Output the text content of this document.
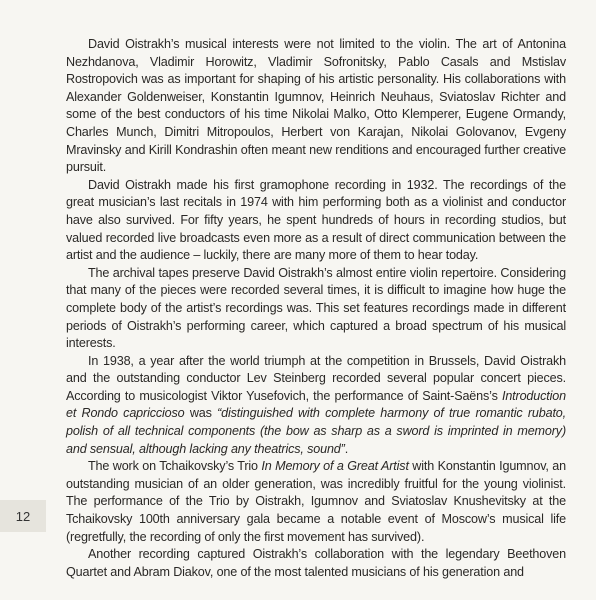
David Oistrakh’s musical interests were not limited to the violin. The art of Antonina Nezhdanova, Vladimir Horowitz, Vladimir Sofronitsky, Pablo Casals and Mstislav Rostropovich was as important for shaping of his artistic personality. His collaborations with Alexander Goldenweiser, Konstantin Igumnov, Heinrich Neuhaus, Sviatoslav Richter and some of the best conductors of his time Nikolai Malko, Otto Klemperer, Eugene Ormandy, Charles Munch, Dimitri Mitropoulos, Herbert von Karajan, Nikolai Golovanov, Evgeny Mravinsky and Kirill Kondrashin often meant new renditions and encouraged further creative pursuit.

David Oistrakh made his first gramophone recording in 1932. The recordings of the great musician’s last recitals in 1974 with him performing both as a violinist and conductor have also survived. For fifty years, he spent hundreds of hours in recording studios, but valued recorded live broadcasts even more as a result of direct communication between the artist and the audience – luckily, there are many more of them to hear today.

The archival tapes preserve David Oistrakh’s almost entire violin repertoire. Considering that many of the pieces were recorded several times, it is difficult to imagine how huge the complete body of the artist’s recordings was. This set features recordings made in different periods of Oistrakh’s performing career, which captured a broad spectrum of his musical interests.

In 1938, a year after the world triumph at the competition in Brussels, David Oistrakh and the outstanding conductor Lev Steinberg recorded several popular concert pieces. According to musicologist Viktor Yusefovich, the performance of Saint-Saëns’s Introduction et Rondo capriccioso was “distinguished with complete harmony of true romantic rubato, polish of all technical components (the bow as sharp as a sword is imprinted in memory) and sensual, although lacking any theatrics, sound”.

The work on Tchaikovsky’s Trio In Memory of a Great Artist with Konstantin Igumnov, an outstanding musician of an older generation, was incredibly fruitful for the young violinist. The performance of the Trio by Oistrakh, Igumnov and Sviatoslav Knushevitsky at the Tchaikovsky 100th anniversary gala became a notable event of Moscow’s musical life (regretfully, the recording of only the first movement has survived).

Another recording captured Oistrakh’s collaboration with the legendary Beethoven Quartet and Abram Diakov, one of the most talented musicians of his generation and

12
